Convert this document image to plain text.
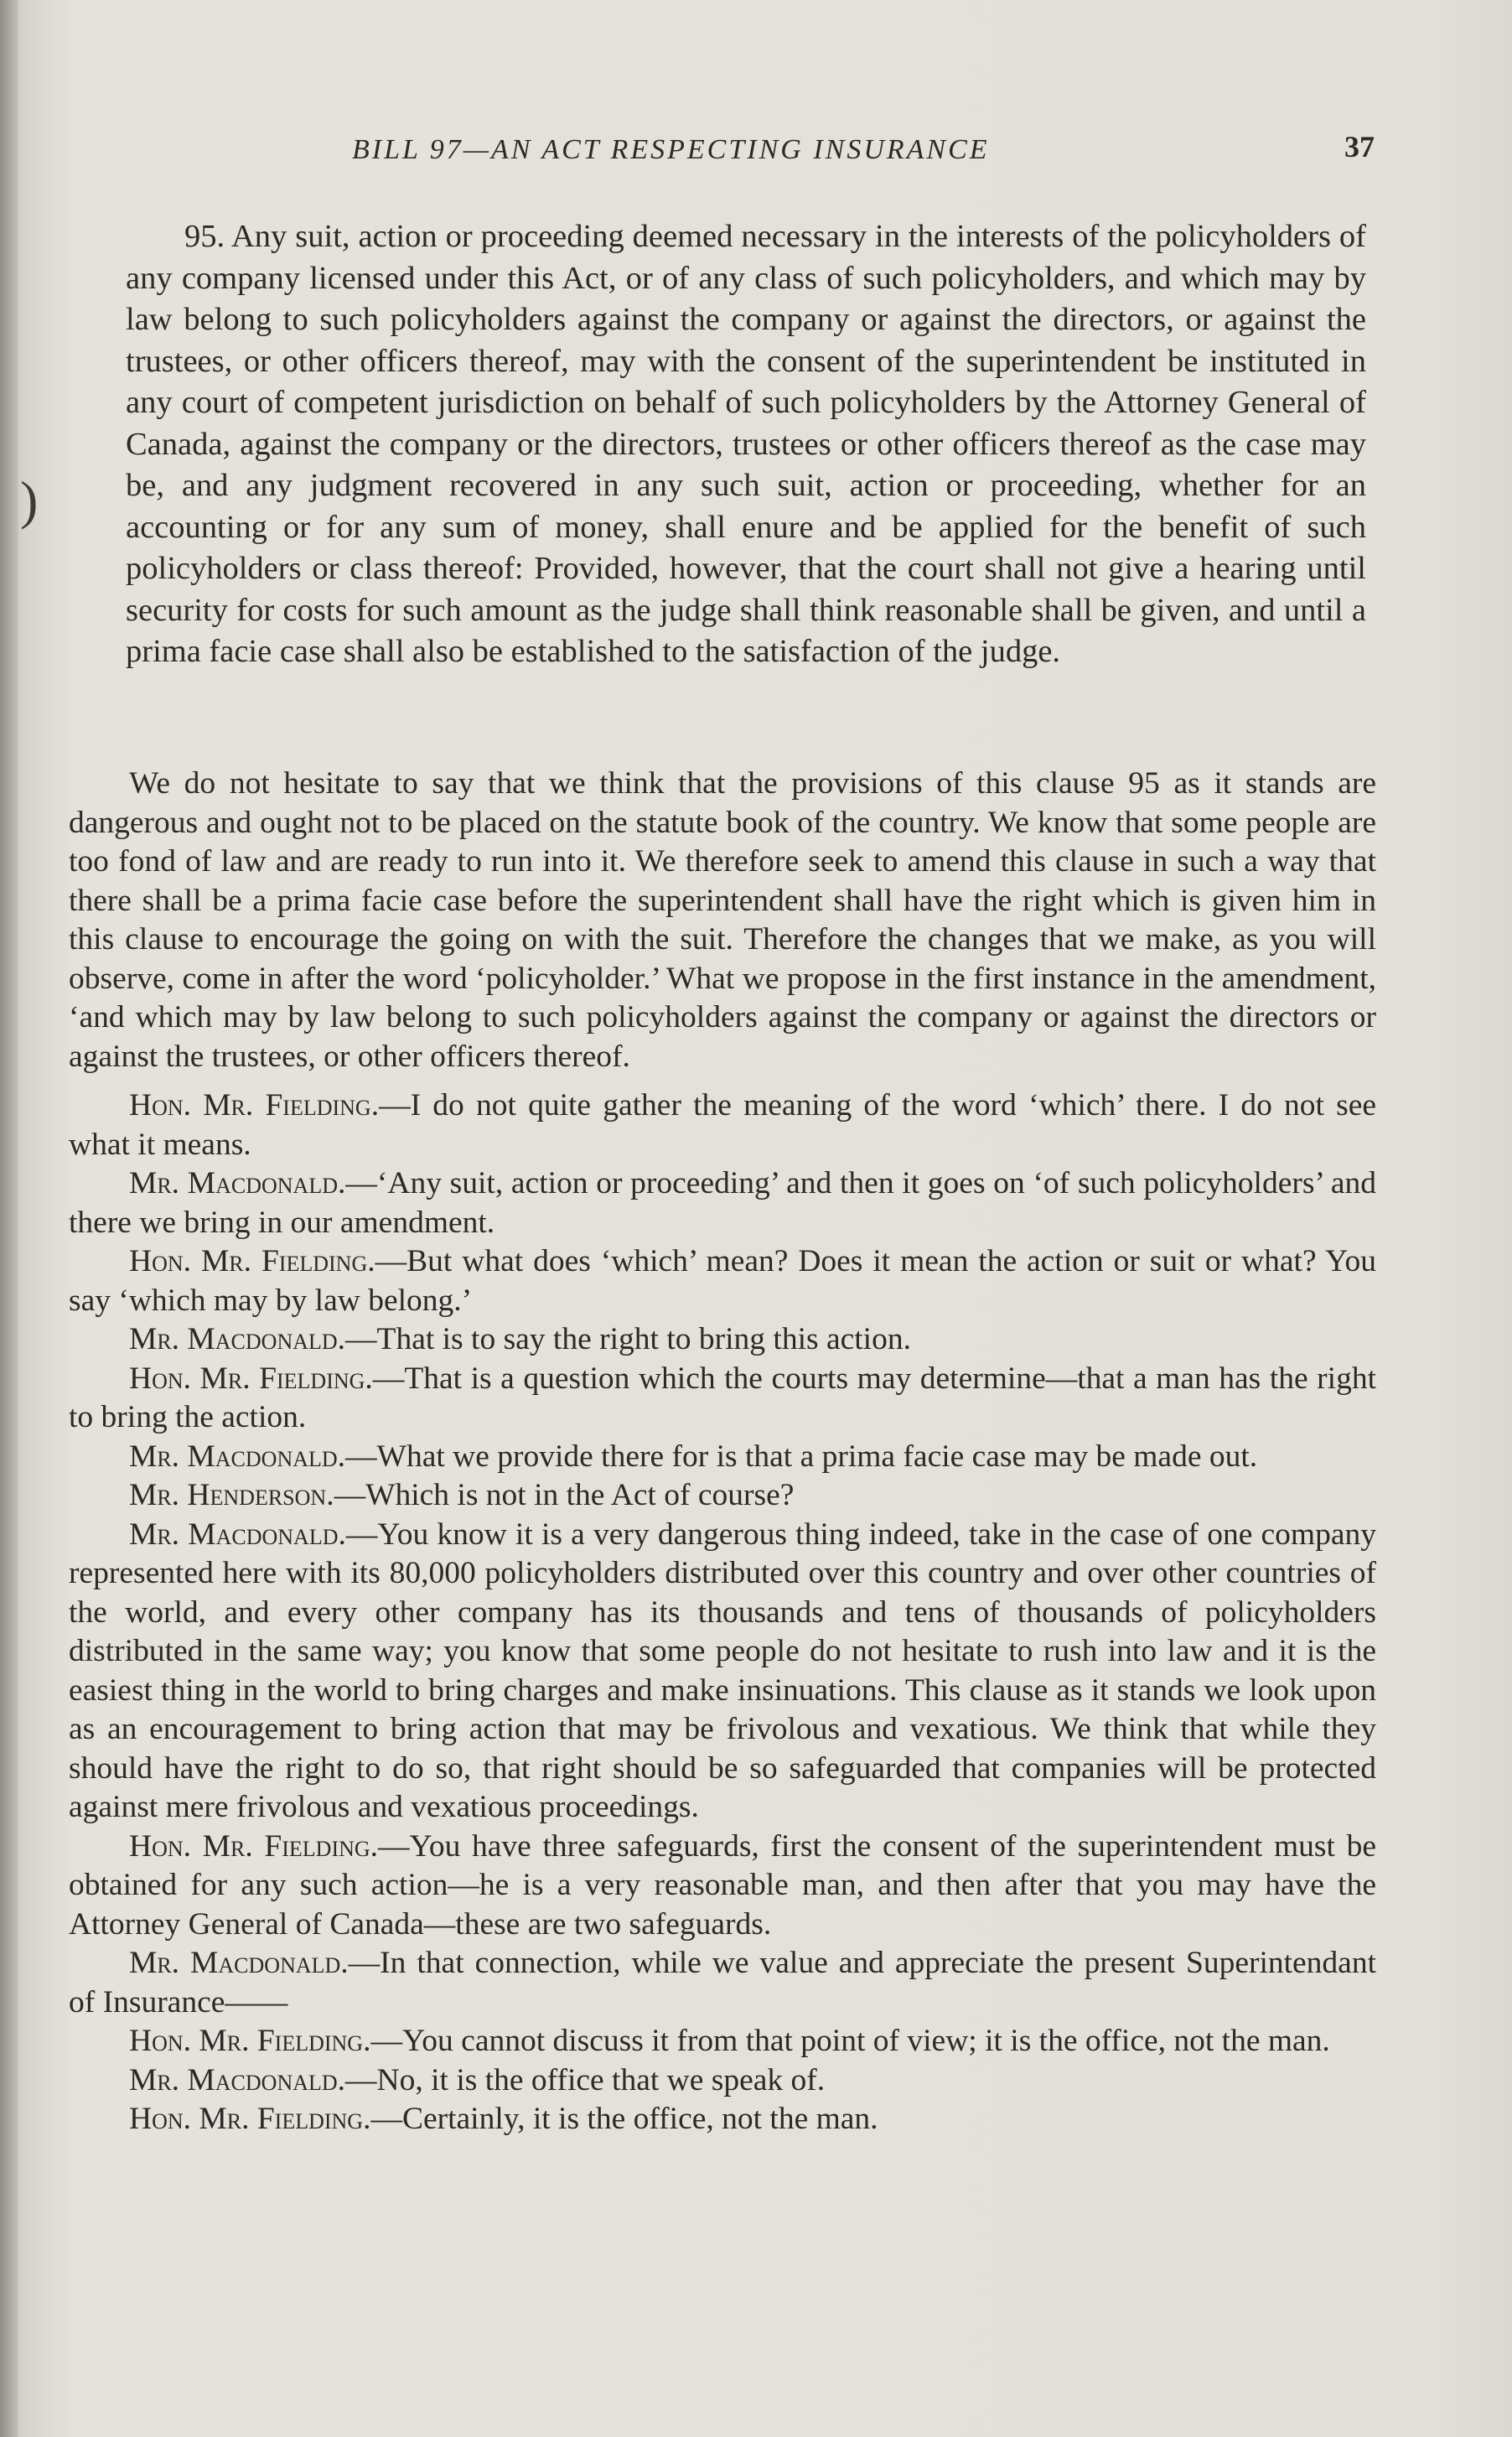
)
BILL 97—AN ACT RESPECTING INSURANCE	37

95. Any suit, action or proceeding deemed necessary in the interests of the policyholders of any company licensed under this Act, or of any class of such policyholders, and which may by law belong to such policyholders against the company or against the directors, or against the trustees, or other officers thereof, may with the consent of the superintendent be instituted in any court of competent jurisdiction on behalf of such policyholders by the Attorney General of Canada, against the company or the directors, trustees or other officers thereof as the case may be, and any judgment recovered in any such suit, action or proceeding, whether for an accounting or for any sum of money, shall enure and be applied for the benefit of such policyholders or class thereof: Provided, however, that the court shall not give a hearing until security for costs for such amount as the judge shall think reasonable shall be given, and until a prima facie case shall also be established to the satisfaction of the judge.

We do not hesitate to say that we think that the provisions of this clause 95 as it stands are dangerous and ought not to be placed on the statute book of the country. We know that some people are too fond of law and are ready to run into it. We therefore seek to amend this clause in such a way that there shall be a prima facie case before the superintendent shall have the right which is given him in this clause to encourage the going on with the suit. Therefore the changes that we make, as you will observe, come in after the word ‘policyholder.’ What we propose in the first instance in the amendment, ‘and which may by law belong to such policyholders against the company or against the directors or against the trustees, or other officers thereof.

Hon. Mr. Fielding.—I do not quite gather the meaning of the word ‘which’ there. I do not see what it means.

Mr. Macdonald.—‘Any suit, action or proceeding’ and then it goes on ‘of such policyholders’ and there we bring in our amendment.

Hon. Mr. Fielding.—But what does ‘which’ mean? Does it mean the action or suit or what? You say ‘which may by law belong.’

Mr. Macdonald.—That is to say the right to bring this action.

Hon. Mr. Fielding.—That is a question which the courts may determine—that a man has the right to bring the action.

Mr. Macdonald.—What we provide there for is that a prima facie case may be made out.

Mr. Henderson.—Which is not in the Act of course?

Mr. Macdonald.—You know it is a very dangerous thing indeed, take in the case of one company represented here with its 80,000 policyholders distributed over this country and over other countries of the world, and every other company has its thousands and tens of thousands of policyholders distributed in the same way; you know that some people do not hesitate to rush into law and it is the easiest thing in the world to bring charges and make insinuations. This clause as it stands we look upon as an encouragement to bring action that may be frivolous and vexatious. We think that while they should have the right to do so, that right should be so safeguarded that companies will be protected against mere frivolous and vexatious proceedings.

Hon. Mr. Fielding.—You have three safeguards, first the consent of the superintendent must be obtained for any such action—he is a very reasonable man, and then after that you may have the Attorney General of Canada—these are two safeguards.

Mr. Macdonald.—In that connection, while we value and appreciate the present Superintendant of Insurance——

Hon. Mr. Fielding.—You cannot discuss it from that point of view; it is the office, not the man.

Mr. Macdonald.—No, it is the office that we speak of.

Hon. Mr. Fielding.—Certainly, it is the office, not the man.
